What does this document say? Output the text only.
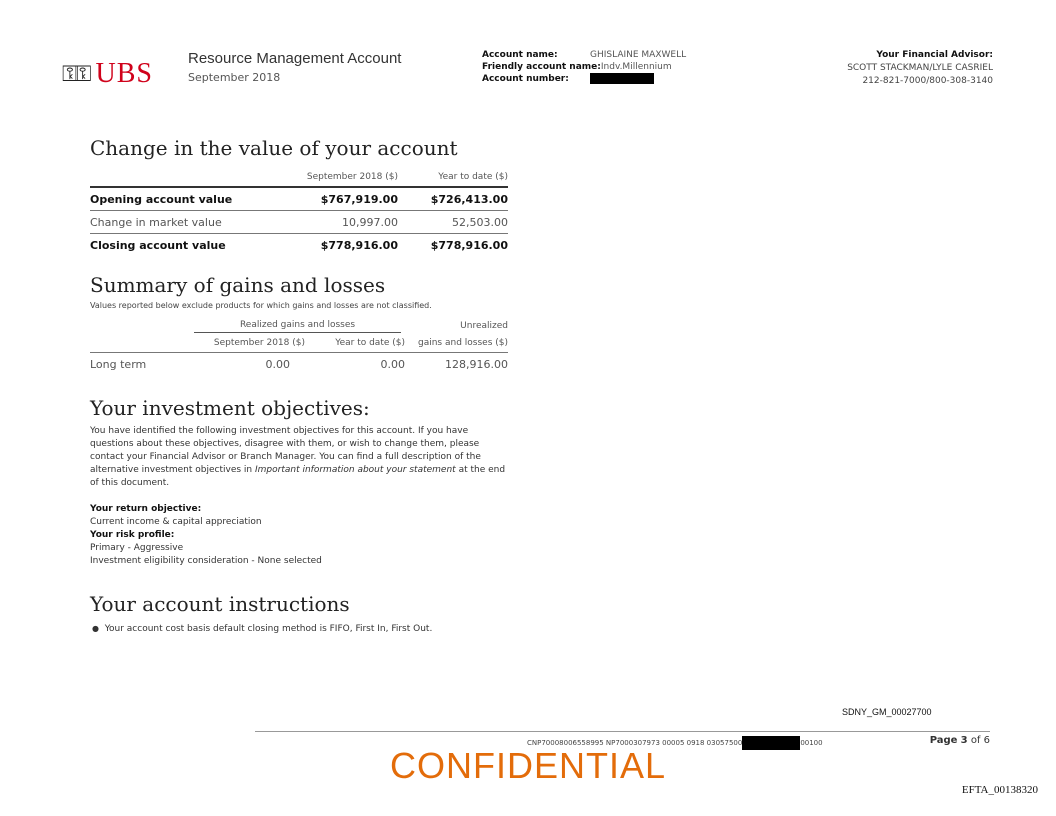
⚿⚿ UBS Resource Management Account
September 2018
Account name:	GHISLAINE MAXWELL
Friendly account name:Indv.Millennium
Account number:
Your Financial Advisor:
SCOTT STACKMAN/LYLE CASRIEL
212-821-7000/800-308-3140
Change in the value of your account
September 2018 ($)	Year to date ($)
Opening account value	$767,919.00	$726,413.00
Change in market value	10,997.00	52,503.00
Closing account value	$778,916.00	$778,916.00
Summary of gains and losses
Values reported below exclude products for which gains and losses are not classified.
Realized gains and losses	Unrealized
September 2018 ($)	Year to date ($)	gains and losses ($)
Long term	0.00	0.00	128,916.00
Your investment objectives:
You have identified the following investment objectives for this account. If you have questions about these objectives, disagree with them, or wish to change them, please contact your Financial Advisor or Branch Manager. You can find a full description of the alternative investment objectives in Important information about your statement at the end of this document.
Your return objective:
Current income & capital appreciation
Your risk profile:
Primary - Aggressive
Investment eligibility consideration - None selected
Your account instructions
● Your account cost basis default closing method is FIFO, First In, First Out.
SDNY_GM_00027700
CNP70008006558995 NP7000307973 00005 0918 03057500	00100	Page 3 of 6
CONFIDENTIAL
EFTA_00138320
